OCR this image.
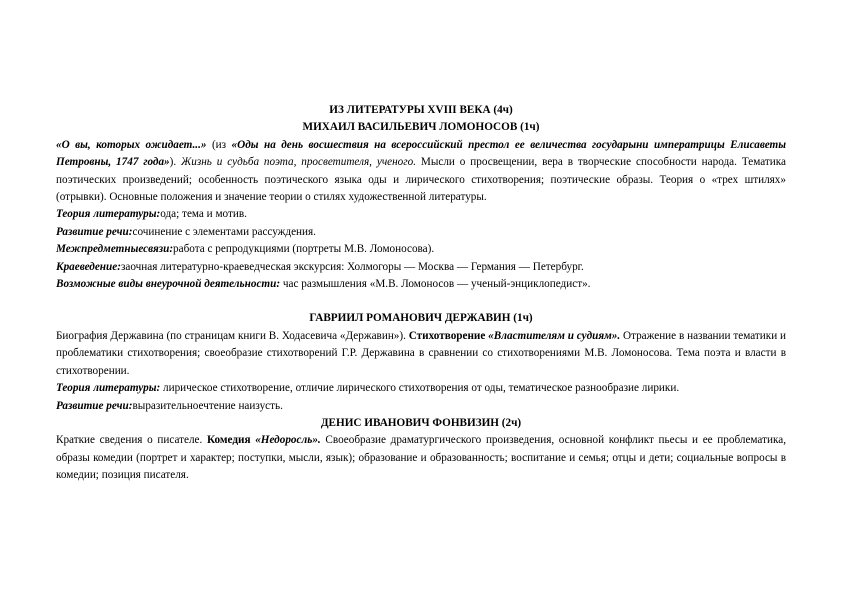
ИЗ ЛИТЕРАТУРЫ XVIII ВЕКА (4ч)
МИХАИЛ ВАСИЛЬЕВИЧ ЛОМОНОСОВ (1ч)

«О вы, которых ожидает...» (из «Оды на день восшествия на всероссийский престол ее величества государыни императрицы Елисаветы Петровны, 1747 года»). Жизнь и судьба поэта, просветителя, ученого. Мысли о просвещении, вера в творческие способности народа. Тематика поэтических произведений; особенность поэтического языка оды и лирического стихотворения; поэтические образы. Теория о «трех штилях» (отрывки). Основные положения и значение теории о стилях художественной литературы.

Теория литературы:ода; тема и мотив.
Развитие речи:сочинение с элементами рассуждения.
Межпредметныесвязи:работа с репродукциями (портреты М.В. Ломоносова).
Краеведение:заочная литературно-краеведческая экскурсия: Холмогоры — Москва — Германия — Петербург.
Возможные виды внеурочной деятельности: час размышления «М.В. Ломоносов — ученый-энциклопедист».
ГАВРИИЛ РОМАНОВИЧ ДЕРЖАВИН (1ч)

Биография Державина (по страницам книги В. Ходасевича «Державин»). Стихотворение «Властителям и судиям». Отражение в названии тематики и проблематики стихотворения; своеобразие стихотворений Г.Р. Державина в сравнении со стихотворениями М.В. Ломоносова. Тема поэта и власти в стихотворении.

Теория литературы: лирическое стихотворение, отличие лирического стихотворения от оды, тематическое разнообразие лирики.

Развитие речи:выразительноечтение наизусть.
ДЕНИС ИВАНОВИЧ ФОНВИЗИН (2ч)

Краткие сведения о писателе. Комедия «Недоросль». Своеобразие драматургического произведения, основной конфликт пьесы и ее проблематика, образы комедии (портрет и характер; поступки, мысли, язык); образование и образованность; воспитание и семья; отцы и дети; социальные вопросы в комедии; позиция писателя.
